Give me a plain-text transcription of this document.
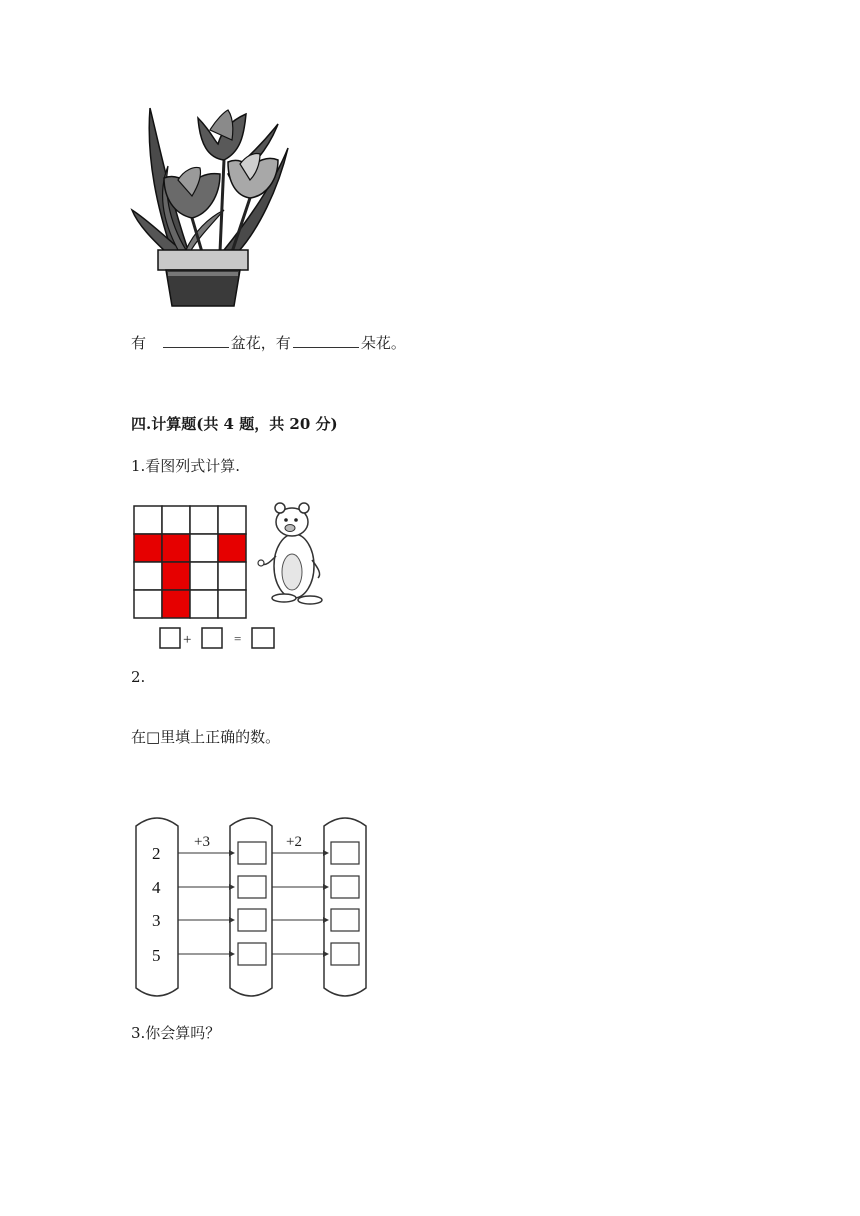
有	盆花，有	朵花。
四.计算题(共 4 题，共 20 分)
1.看图列式计算.
+	=
2.
在□里填上正确的数。
+3	+2
2
4
3
5
3.你会算吗？
